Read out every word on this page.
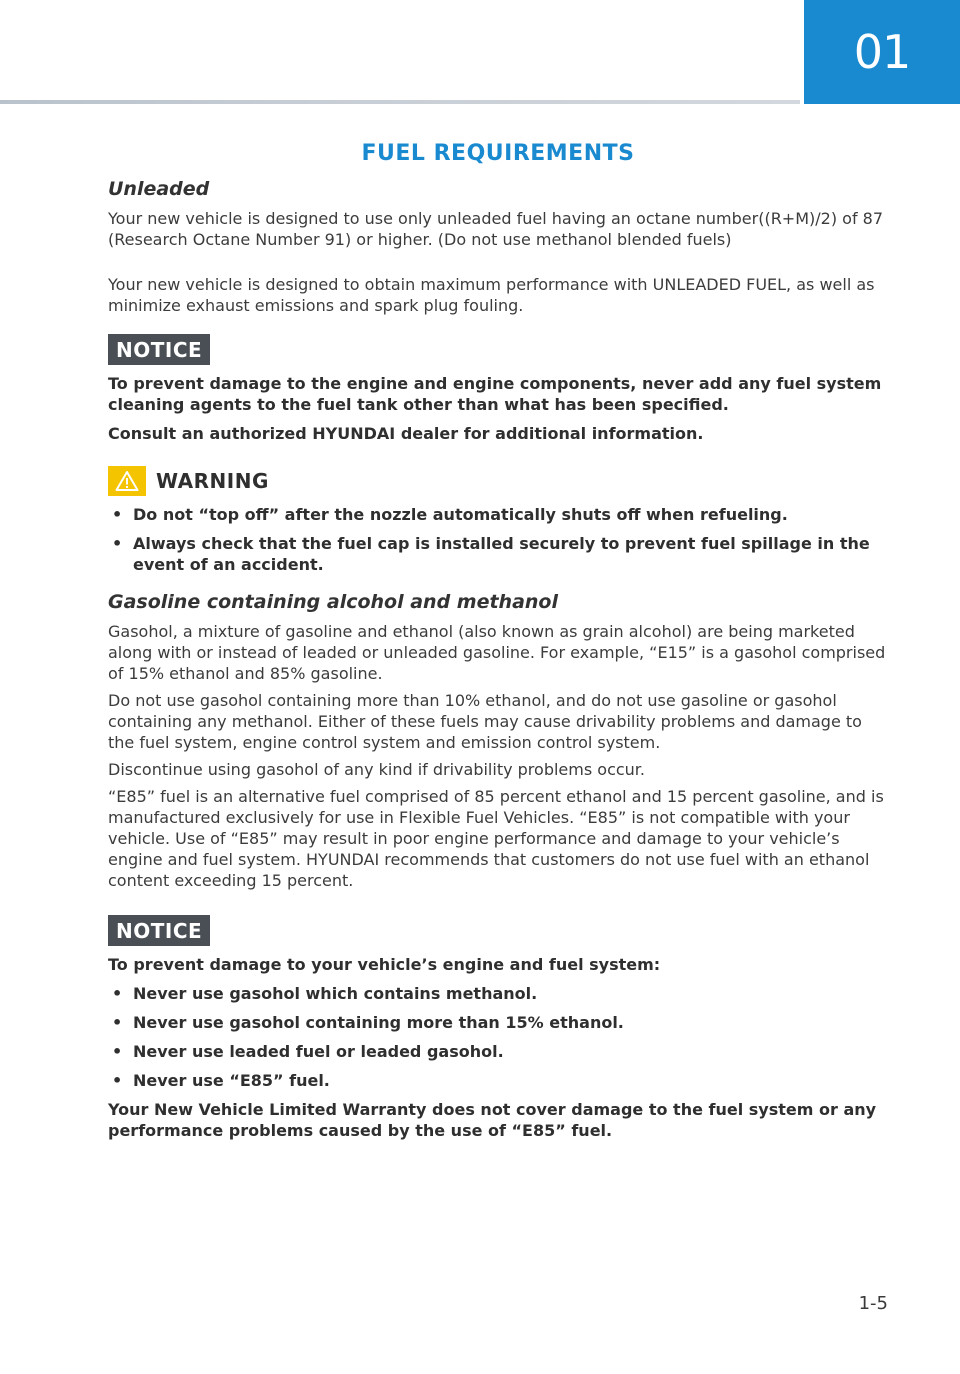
01
FUEL REQUIREMENTS
Unleaded

Your new vehicle is designed to use only unleaded fuel having an octane number((R+M)/2) of 87 (Research Octane Number 91) or higher. (Do not use methanol blended fuels)

Your new vehicle is designed to obtain maximum performance with UNLEADED FUEL, as well as minimize exhaust emissions and spark plug fouling.

NOTICE

To prevent damage to the engine and engine components, never add any fuel system cleaning agents to the fuel tank other than what has been specified.

Consult an authorized HYUNDAI dealer for additional information.

WARNING
• Do not “top off” after the nozzle automatically shuts off when refueling.
• Always check that the fuel cap is installed securely to prevent fuel spillage in the event of an accident.
Gasoline containing alcohol and methanol

Gasohol, a mixture of gasoline and ethanol (also known as grain alcohol) are being marketed along with or instead of leaded or unleaded gasoline. For example, “E15” is a gasohol comprised of 15% ethanol and 85% gasoline.

Do not use gasohol containing more than 10% ethanol, and do not use gasoline or gasohol containing any methanol. Either of these fuels may cause drivability problems and damage to the fuel system, engine control system and emission control system.

Discontinue using gasohol of any kind if drivability problems occur.

“E85” fuel is an alternative fuel comprised of 85 percent ethanol and 15 percent gasoline, and is manufactured exclusively for use in Flexible Fuel Vehicles. “E85” is not compatible with your vehicle. Use of “E85” may result in poor engine performance and damage to your vehicle’s engine and fuel system. HYUNDAI recommends that customers do not use fuel with an ethanol content exceeding 15 percent.

NOTICE

To prevent damage to your vehicle’s engine and fuel system:

• Never use gasohol which contains methanol.
• Never use gasohol containing more than 15% ethanol.
• Never use leaded fuel or leaded gasohol.
• Never use “E85” fuel.

Your New Vehicle Limited Warranty does not cover damage to the fuel system or any performance problems caused by the use of “E85” fuel.

1-5
